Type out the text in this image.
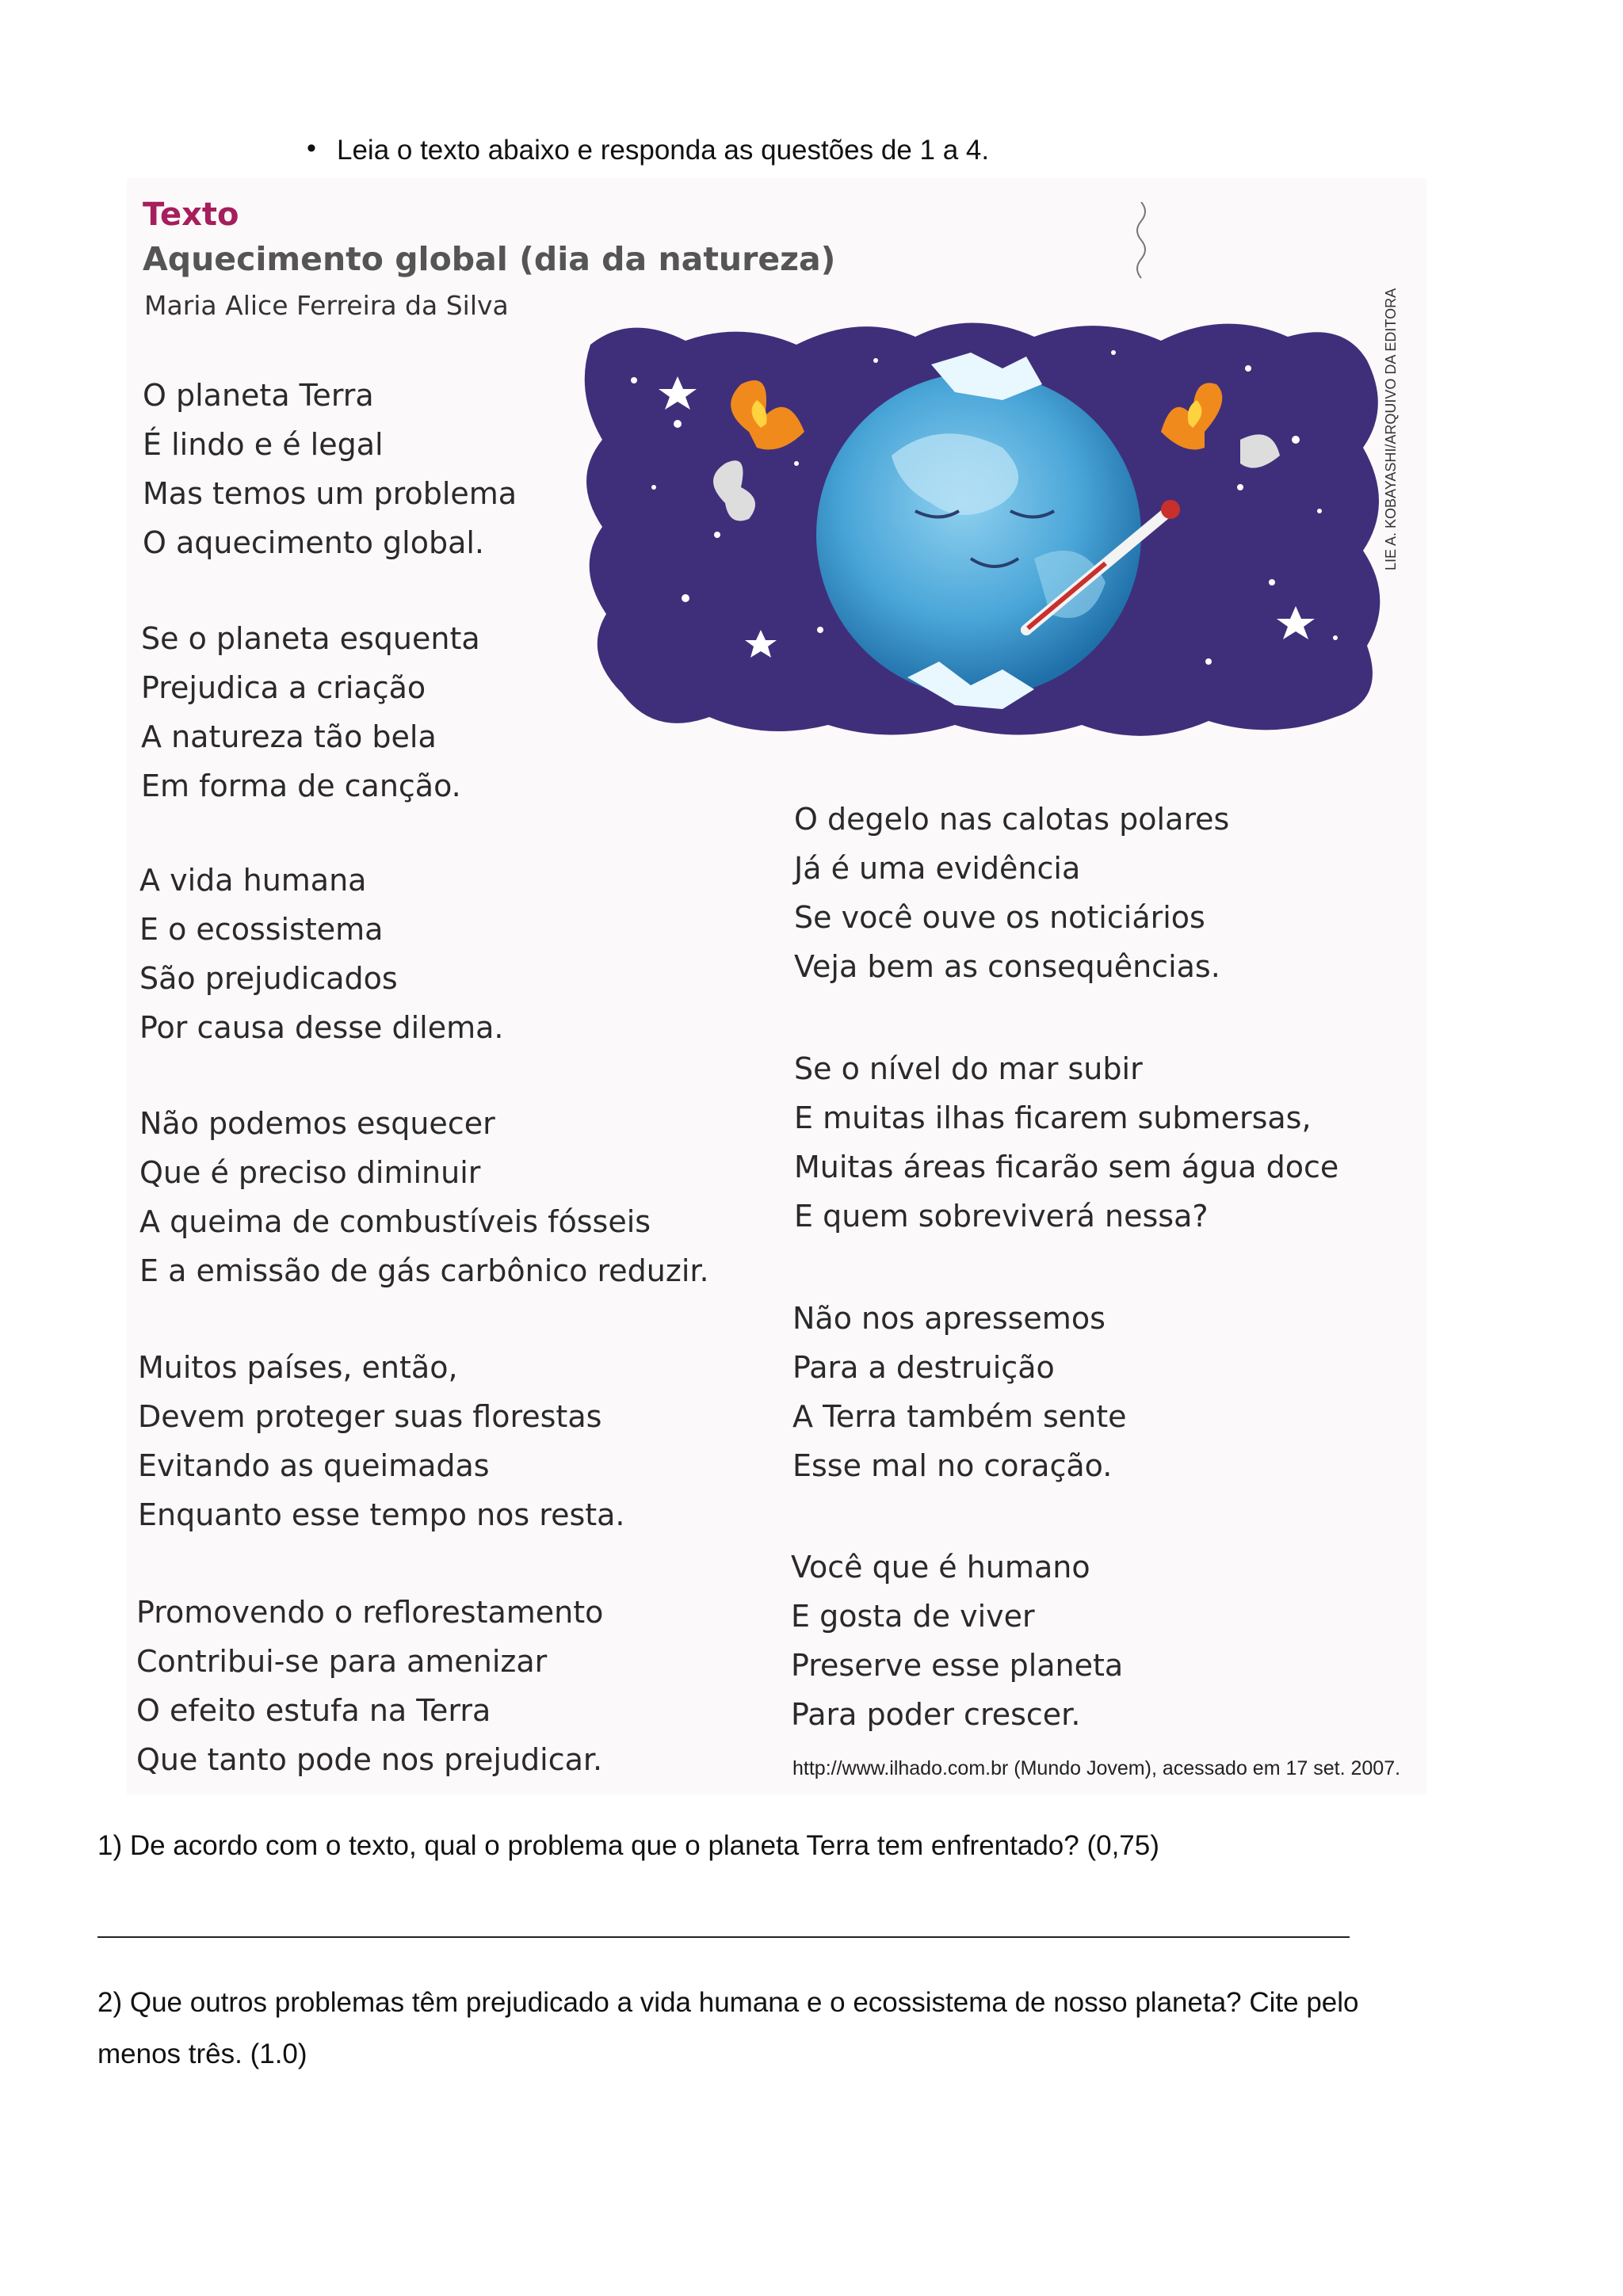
• Leia o texto abaixo e responda as questões de 1 a 4.
Texto
Aquecimento global (dia da natureza)
Maria Alice Ferreira da Silva	LIE A. KOBAYASHI/ARQUIVO DA EDITORA
O planeta Terra
É lindo e é legal
Mas temos um problema
O aquecimento global.
Se o planeta esquenta
Prejudica a criação
A natureza tão bela
Em forma de canção.
A vida humana
E o ecossistema
São prejudicados
Por causa desse dilema.
Não podemos esquecer
Que é preciso diminuir
A queima de combustíveis fósseis
E a emissão de gás carbônico reduzir.
Muitos países, então,
Devem proteger suas florestas
Evitando as queimadas
Enquanto esse tempo nos resta.
Promovendo o reflorestamento
Contribui-se para amenizar
O efeito estufa na Terra
Que tanto pode nos prejudicar.
O degelo nas calotas polares
Já é uma evidência
Se você ouve os noticiários
Veja bem as consequências.
Se o nível do mar subir
E muitas ilhas ficarem submersas,
Muitas áreas ficarão sem água doce
E quem sobreviverá nessa?
Não nos apressemos
Para a destruição
A Terra também sente
Esse mal no coração.
Você que é humano
E gosta de viver
Preserve esse planeta
Para poder crescer.
http://www.ilhado.com.br (Mundo Jovem), acessado em 17 set. 2007.
1) De acordo com o texto, qual o problema que o planeta Terra tem enfrentado? (0,75)
2) Que outros problemas têm prejudicado a vida humana e o ecossistema de nosso planeta? Cite pelo
menos três. (1.0)
